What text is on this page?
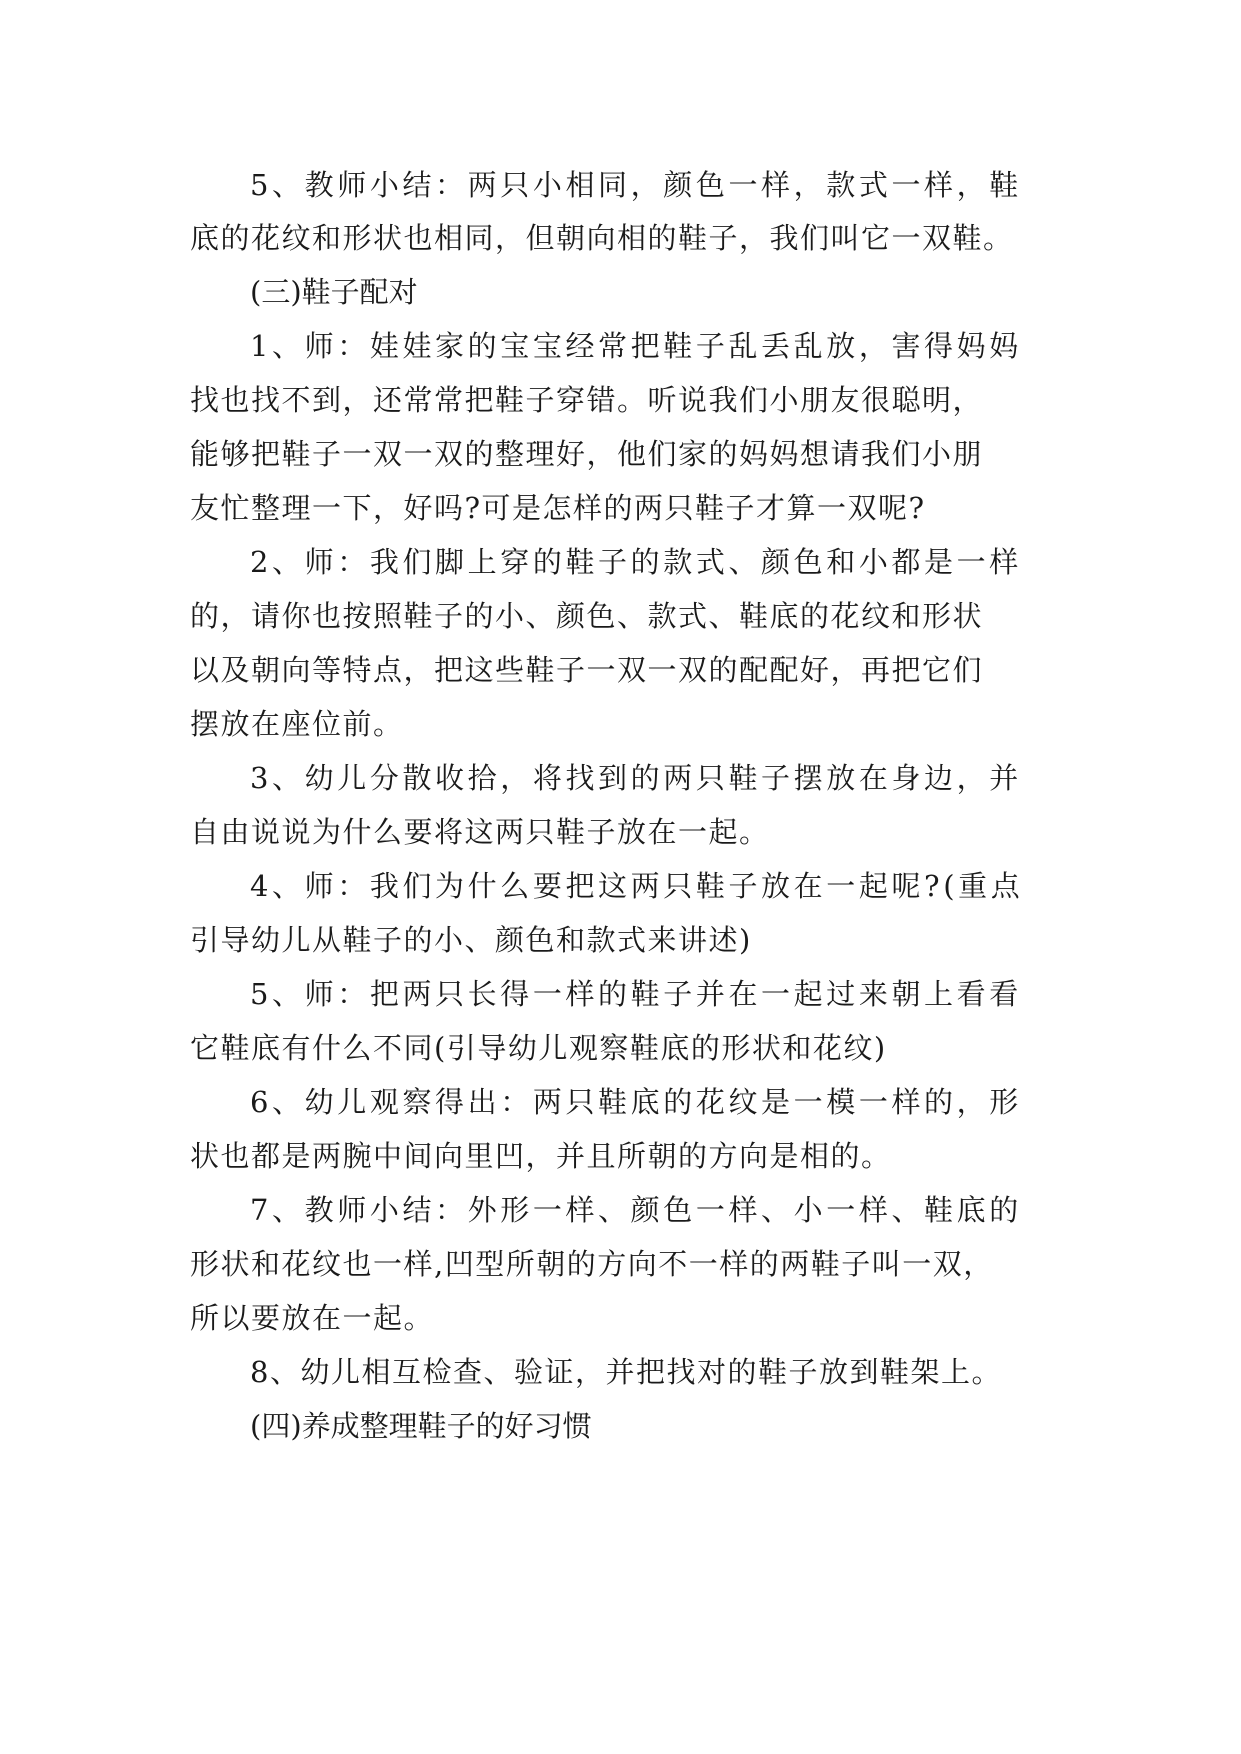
5、教师小结：两只小相同，颜色一样，款式一样，鞋
底的花纹和形状也相同，但朝向相的鞋子，我们叫它一双鞋。
(三)鞋子配对
1、师：娃娃家的宝宝经常把鞋子乱丢乱放，害得妈妈
找也找不到，还常常把鞋子穿错。听说我们小朋友很聪明，
能够把鞋子一双一双的整理好，他们家的妈妈想请我们小朋
友忙整理一下，好吗?可是怎样的两只鞋子才算一双呢?
2、师：我们脚上穿的鞋子的款式、颜色和小都是一样
的，请你也按照鞋子的小、颜色、款式、鞋底的花纹和形状
以及朝向等特点，把这些鞋子一双一双的配配好，再把它们
摆放在座位前。
3、幼儿分散收拾，将找到的两只鞋子摆放在身边，并
自由说说为什么要将这两只鞋子放在一起。
4、师：我们为什么要把这两只鞋子放在一起呢?(重点
引导幼儿从鞋子的小、颜色和款式来讲述)
5、师：把两只长得一样的鞋子并在一起过来朝上看看
它鞋底有什么不同(引导幼儿观察鞋底的形状和花纹)
6、幼儿观察得出：两只鞋底的花纹是一模一样的，形
状也都是两腕中间向里凹，并且所朝的方向是相的。
7、教师小结：外形一样、颜色一样、小一样、鞋底的
形状和花纹也一样,凹型所朝的方向不一样的两鞋子叫一双，
所以要放在一起。
8、幼儿相互检查、验证，并把找对的鞋子放到鞋架上。
(四)养成整理鞋子的好习惯
